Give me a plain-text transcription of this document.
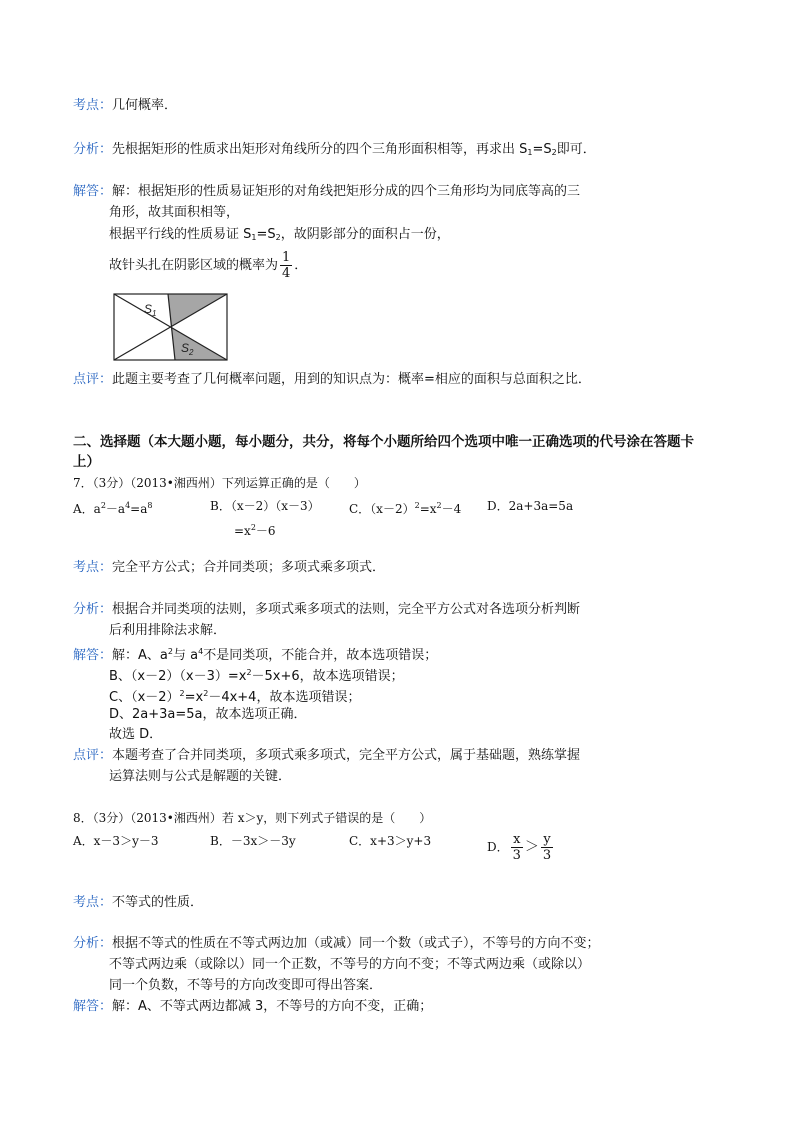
考点：几何概率．
分析：先根据矩形的性质求出矩形对角线所分的四个三角形面积相等，再求出 $S_1=S_2$即可．
解答：解：根据矩形的性质易证矩形的对角线把矩形分成的四个三角形均为同底等高的三
角形，故其面积相等，
根据平行线的性质易证 $S_1=S_2$，故阴影部分的面积占一份，
故针头扎在阴影区域的概率为 $\frac{1}{4}$ ．
$S_1$
$S_2$
点评：此题主要考查了几何概率问题，用到的知识点为：概率=相应的面积与总面积之比．
二、选择题（本大题小题，每小题分，共分，将每个小题所给四个选项中唯一正确选项的代号涂在答题卡
上）
7．（3分）（2013•湘西州）下列运算正确的是（　　）
A．$a^2-a^4=a^8$	B．（x－2）（x－3）
$=x^2-6$
C．$(x-2)^2=x^2-4$ D．2a+3a=5a
考点：完全平方公式；合并同类项；多项式乘多项式．
分析：根据合并同类项的法则，多项式乘多项式的法则，完全平方公式对各选项分析判断
后利用排除法求解．
解答：解：A、$a^2$与 $a^4$不是同类项，不能合并，故本选项错误；
B、$(x-2)(x-3)=x^2-5x+6$，故本选项错误；
C、$(x-2)^2=x^2-4x+4$，故本选项错误；
D、2a+3a=5a，故本选项正确．
故选 D．
点评：本题考查了合并同类项，多项式乘多项式，完全平方公式，属于基础题，熟练掌握
运算法则与公式是解题的关键．
8．（3分）（2013•湘西州）若 x＞y，则下列式子错误的是（　　）
A．x－3＞y－3	B．－3x＞－3y	C．x+3＞y+3	D． $\frac{x}{3} > \frac{y}{3}$
考点：不等式的性质．
分析：根据不等式的性质在不等式两边加（或减）同一个数（或式子），不等号的方向不变；
不等式两边乘（或除以）同一个正数，不等号的方向不变；不等式两边乘（或除以）
同一个负数，不等号的方向改变即可得出答案．
解答：解：A、不等式两边都减 3，不等号的方向不变，正确；
